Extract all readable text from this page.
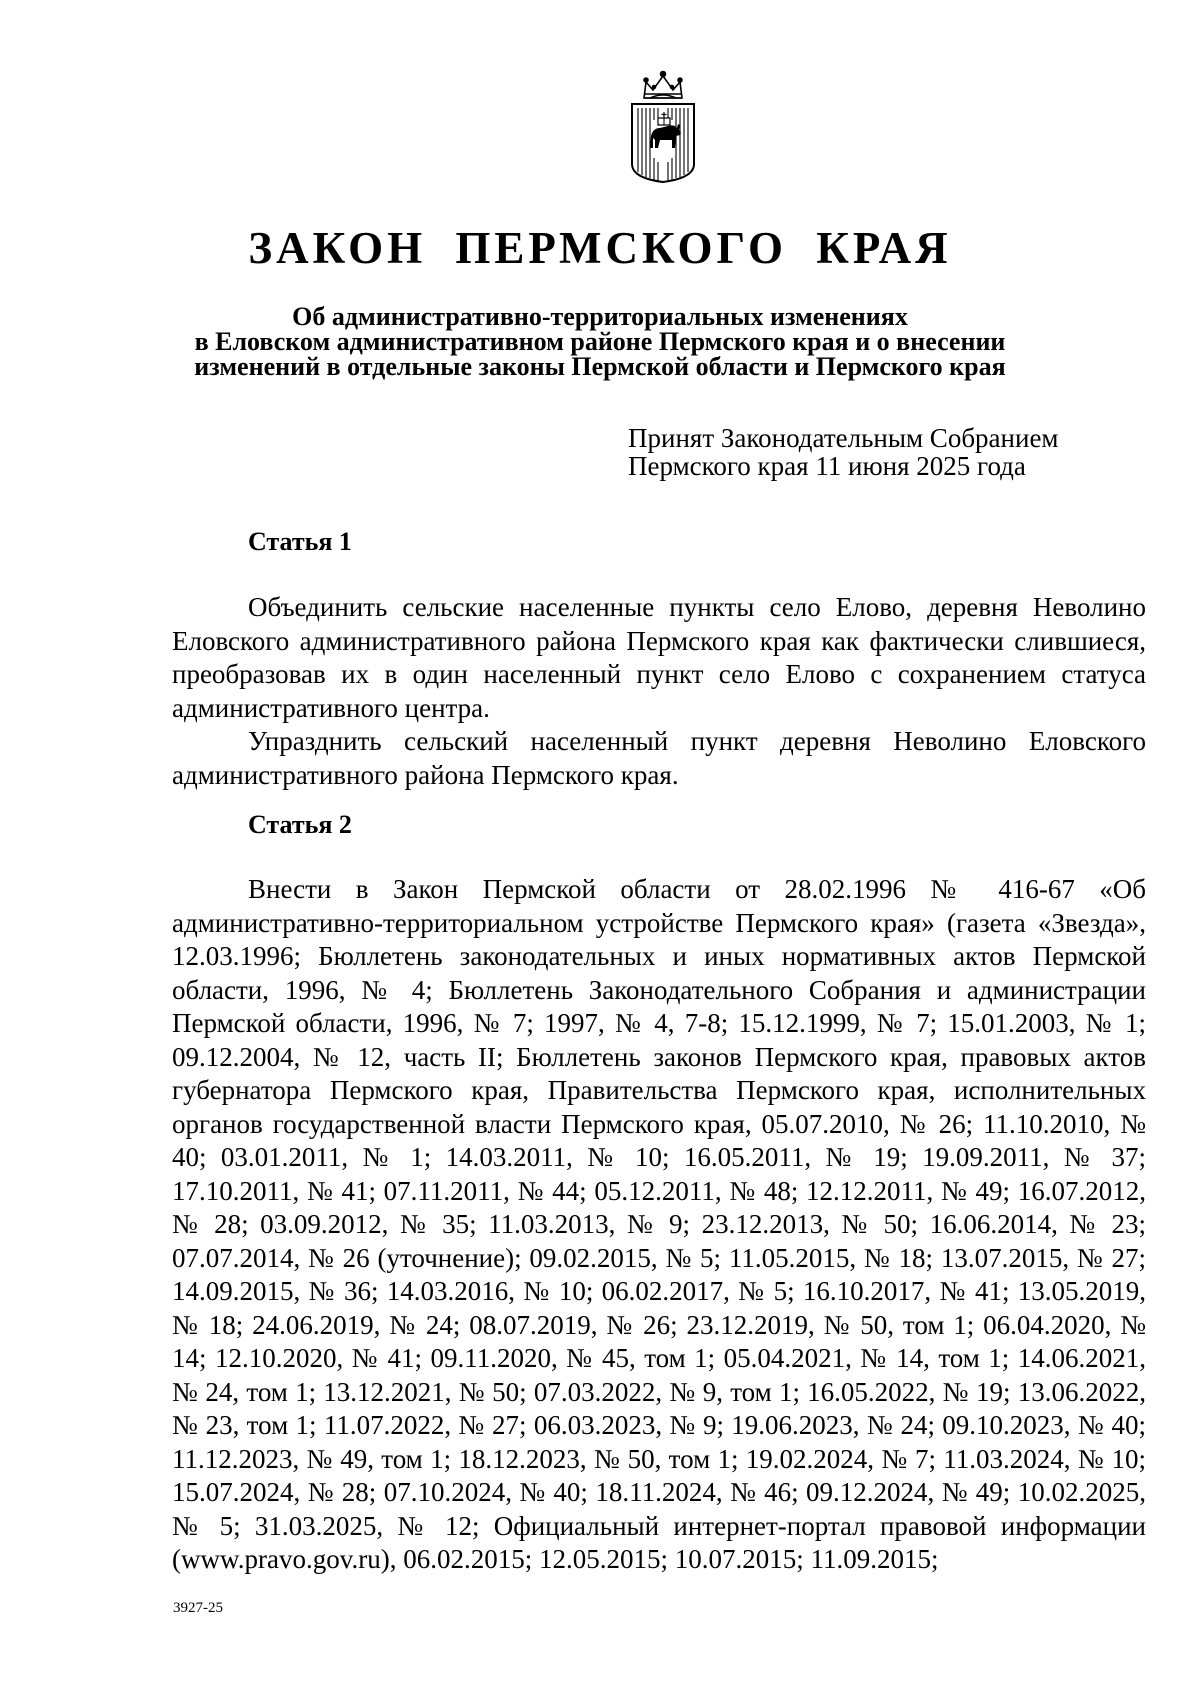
ЗАКОН ПЕРМСКОГО КРАЯ
Об административно-территориальных изменениях
в Еловском административном районе Пермского края и о внесении
изменений в отдельные законы Пермской области и Пермского края
Принят Законодательным Собранием
Пермского края 11 июня 2025 года
Статья 1

Объединить сельские населенные пункты село Елово, деревня Неволино Еловского административного района Пермского края как фактически слившиеся, преобразовав их в один населенный пункт село Елово с сохранением статуса административного центра.

Упразднить сельский населенный пункт деревня Неволино Еловского административного района Пермского края.

Статья 2

Внести в Закон Пермской области от 28.02.1996 № 416-67 «Об административно-территориальном устройстве Пермского края» (газета «Звезда», 12.03.1996; Бюллетень законодательных и иных нормативных актов Пермской области, 1996, № 4; Бюллетень Законодательного Собрания и администрации Пермской области, 1996, № 7; 1997, № 4, 7-8; 15.12.1999, № 7; 15.01.2003, № 1; 09.12.2004, № 12, часть II; Бюллетень законов Пермского края, правовых актов губернатора Пермского края, Правительства Пермского края, исполнительных органов государственной власти Пермского края, 05.07.2010, № 26; 11.10.2010, № 40; 03.01.2011, № 1; 14.03.2011, № 10; 16.05.2011, № 19; 19.09.2011, № 37; 17.10.2011, № 41; 07.11.2011, № 44; 05.12.2011, № 48; 12.12.2011, № 49; 16.07.2012, № 28; 03.09.2012, № 35; 11.03.2013, № 9; 23.12.2013, № 50; 16.06.2014, № 23; 07.07.2014, № 26 (уточнение); 09.02.2015, № 5; 11.05.2015, № 18; 13.07.2015, № 27; 14.09.2015, № 36; 14.03.2016, № 10; 06.02.2017, № 5; 16.10.2017, № 41; 13.05.2019, № 18; 24.06.2019, № 24; 08.07.2019, № 26; 23.12.2019, № 50, том 1; 06.04.2020, № 14; 12.10.2020, № 41; 09.11.2020, № 45, том 1; 05.04.2021, № 14, том 1; 14.06.2021, № 24, том 1; 13.12.2021, № 50; 07.03.2022, № 9, том 1; 16.05.2022, № 19; 13.06.2022, № 23, том 1; 11.07.2022, № 27; 06.03.2023, № 9; 19.06.2023, № 24; 09.10.2023, № 40; 11.12.2023, № 49, том 1; 18.12.2023, № 50, том 1; 19.02.2024, № 7; 11.03.2024, № 10; 15.07.2024, № 28; 07.10.2024, № 40; 18.11.2024, № 46; 09.12.2024, № 49; 10.02.2025, № 5; 31.03.2025, № 12; Официальный интернет-портал правовой информации (www.pravo.gov.ru), 06.02.2015; 12.05.2015; 10.07.2015; 11.09.2015;

3927-25
